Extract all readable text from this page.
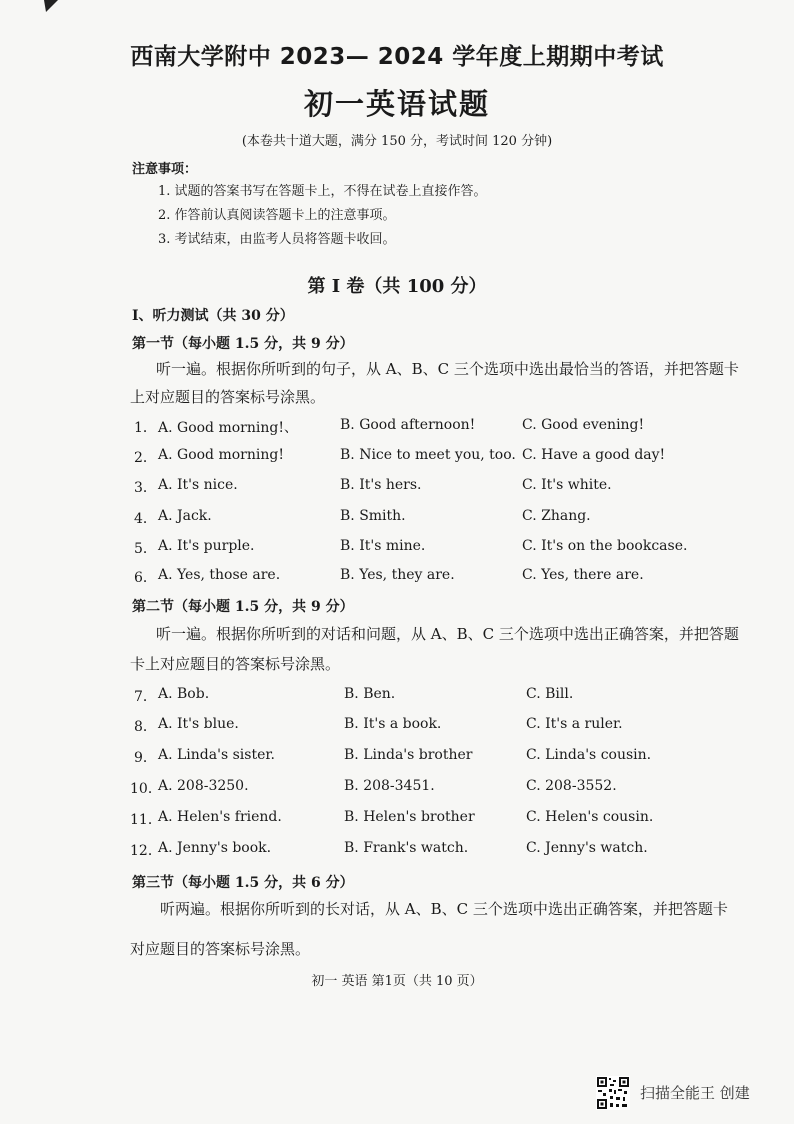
西南大学附中 2023— 2024 学年度上期期中考试
初一英语试题
(本卷共十道大题，满分 150 分，考试时间 120 分钟)
注意事项：
1. 试题的答案书写在答题卡上，不得在试卷上直接作答。
2. 作答前认真阅读答题卡上的注意事项。
3. 考试结束，由监考人员将答题卡收回。
第 I 卷（共 100 分）
I、听力测试（共 30 分）
第一节（每小题 1.5 分，共 9 分）
听一遍。根据你所听到的句子，从 A、B、C 三个选项中选出最恰当的答语，并把答题卡
上对应题目的答案标号涂黑。
1． A. Good morning!、	B. Good afternoon!	C. Good evening!
2． A. Good morning!	B. Nice to meet you, too. C. Have a good day!
3． A. It's nice.	B. It's hers.	C. It's white.
4． A. Jack.	B. Smith.	C. Zhang.
5． A. It's purple.	B. It's mine.	C. It's on the bookcase.
6． A. Yes, those are.	B. Yes, they are.	C. Yes, there are.
第二节（每小题 1.5 分，共 9 分）
听一遍。根据你所听到的对话和问题，从 A、B、C 三个选项中选出正确答案，并把答题
卡上对应题目的答案标号涂黑。
7． A. Bob.	B. Ben.	C. Bill.
8． A. It's blue.	B. It's a book.	C. It's a ruler.
9． A. Linda's sister.	B. Linda's brother	C. Linda's cousin.
10．
A. 208-3250.	B. 208-3451.	C. 208-3552.
11．
A. Helen's friend.	B. Helen's brother	C. Helen's cousin.
12．
A. Jenny's book.	B. Frank's watch.	C. Jenny's watch.
第三节（每小题 1.5 分，共 6 分）
听两遍。根据你所听到的长对话，从 A、B、C 三个选项中选出正确答案，并把答题卡
对应题目的答案标号涂黑。
初一 英语 第1页（共 10 页）
扫描全能王 创建
